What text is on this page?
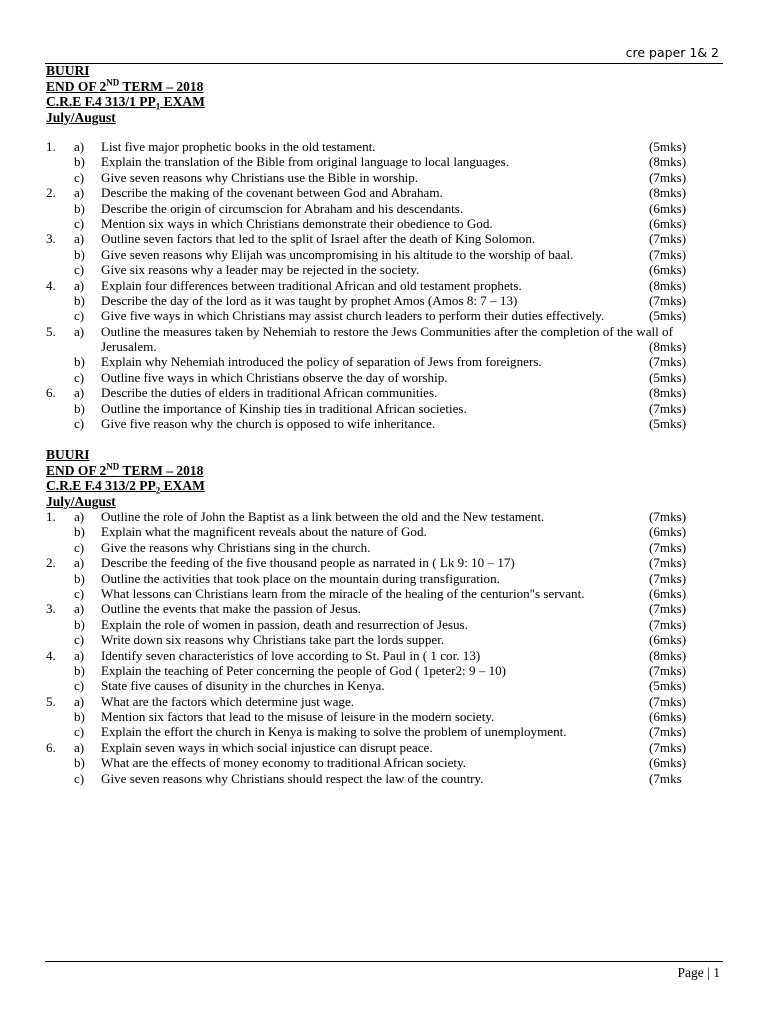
cre paper 1& 2
BUURI
END OF 2ND TERM – 2018
C.R.E F.4 313/1 $PP_1$ EXAM
July/August
1. a) List five major prophetic books in the old testament.	(5mks)
b) Explain the translation of the Bible from original language to local languages.	(8mks)
c) Give seven reasons why Christians use the Bible in worship.	(7mks)
2. a) Describe the making of the covenant between God and Abraham.	(8mks)
b) Describe the origin of circumscion for Abraham and his descendants.	(6mks)
c) Mention six ways in which Christians demonstrate their obedience to God.	(6mks)
3. a) Outline seven factors that led to the split of Israel after the death of King Solomon.	(7mks)
b) Give seven reasons why Elijah was uncompromising in his altitude to the worship of baal.	(7mks)
c) Give six reasons why a leader may be rejected in the society.	(6mks)
4. a) Explain four differences between traditional African and old testament prophets.	(8mks)
b) Describe the day of the lord as it was taught by prophet Amos (Amos 8: 7 – 13)	(7mks)
c) Give five ways in which Christians may assist church leaders to perform their duties effectively.	(5mks)
5. a) Outline the measures taken by Nehemiah to restore the Jews Communities after the completion of the wall of Jerusalem.	(8mks)
b) Explain why Nehemiah introduced the policy of separation of Jews from foreigners.	(7mks)
c) Outline five ways in which Christians observe the day of worship.	(5mks)
6. a) Describe the duties of elders in traditional African communities.	(8mks)
b) Outline the importance of Kinship ties in traditional African societies.	(7mks)
c) Give five reason why the church is opposed to wife inheritance.	(5mks)
BUURI
END OF 2ND TERM – 2018
C.R.E F.4 313/2 $PP_2$ EXAM
July/August
1. a) Outline the role of John the Baptist as a link between the old and the New testament.	(7mks)
b) Explain what the magnificent reveals about the nature of God.	(6mks)
c) Give the reasons why Christians sing in the church.	(7mks)
2. a) Describe the feeding of the five thousand people as narrated in ( Lk 9: 10 – 17)	(7mks)
b) Outline the activities that took place on the mountain during transfiguration.	(7mks)
c) What lessons can Christians learn from the miracle of the healing of the centurion"s servant.	(6mks)
3. a) Outline the events that make the passion of Jesus.	(7mks)
b) Explain the role of women in passion, death and resurrection of Jesus.	(7mks)
c) Write down six reasons why Christians take part the lords supper.	(6mks)
4. a) Identify seven characteristics of love according to St. Paul in ( 1 cor. 13)	(8mks)
b) Explain the teaching of Peter concerning the people of God ( 1peter2: 9 – 10)	(7mks)
c) State five causes of disunity in the churches in Kenya.	(5mks)
5. a) What are the factors which determine just wage.	(7mks)
b) Mention six factors that lead to the misuse of leisure in the modern society.	(6mks)
c) Explain the effort the church in Kenya is making to solve the problem of unemployment.	(7mks)
6. a) Explain seven ways in which social injustice can disrupt peace.	(7mks)
b) What are the effects of money economy to traditional African society.	(6mks)
c) Give seven reasons why Christians should respect the law of the country.	(7mks
Page | 1
